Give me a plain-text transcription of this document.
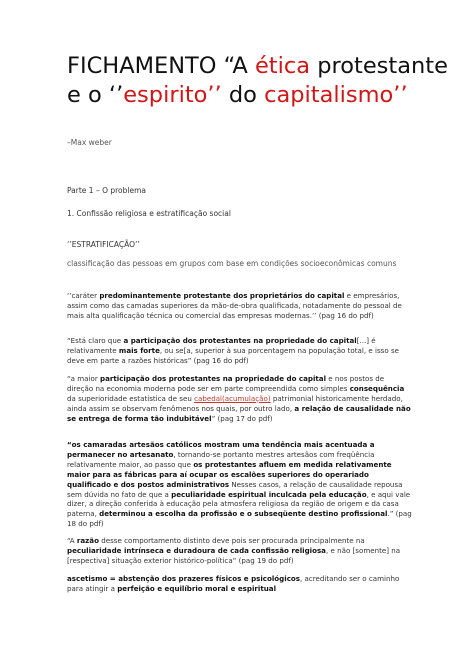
FICHAMENTO “A ética protestante e o ‘’espirito’’ do capitalismo’’
–Max weber
Parte 1 – O problema
1. Confissão religiosa e estratificação social
‘’ESTRATIFICAÇÃO’’
classificação das pessoas em grupos com base em condições socioeconômicas comuns
‘’caráter predominantemente protestante dos proprietários do capital e empresários, assim como das camadas superiores da mão-de-obra qualificada, notadamente do pessoal de mais alta qualificação técnica ou comercial das empresas modernas.’’ (pag 16 do pdf)
“Está claro que a participação dos protestantes na propriedade do capital[...] é relativamente mais forte, ou se[a, superior à sua porcentagem na população total, e isso se deve em parte a razões históricas” (pag 16 do pdf)
“a maior participação dos protestantes na propriedade do capital e nos postos de direção na economia moderna pode ser em parte compreendida como simples consequência da superioridade estatística de seu cabedal(acumulação) patrimonial historicamente herdado, ainda assim se observam fenômenos nos quais, por outro lado, a relação de causalidade não se entrega de forma tão indubitável” (pag 17 do pdf)
“os camaradas artesãos católicos mostram uma tendência mais acentuada a permanecer no artesanato, tornando-se portanto mestres artesãos com freqüência relativamente maior, ao passo que os protestantes afluem em medida relativamente maior para as fábricas para aí ocupar os escalões superiores do operariado qualificado e dos postos administrativos Nesses casos, a relação de causalidade repousa sem dúvida no fato de que a peculiaridade espiritual inculcada pela educação, e aqui vale dizer, a direção conferida à educação pela atmosfera religiosa da região de origem e da casa paterna, determinou a escolha da profissão e o subseqüente destino profissional.” (pag 18 do pdf)
“A razão desse comportamento distinto deve pois ser procurada principalmente na peculiaridade intrínseca e duradoura de cada confissão religiosa, e não [somente] na [respectiva] situação exterior histórico-política” (pag 19 do pdf)
ascetismo = abstenção dos prazeres físicos e psicológicos, acreditando ser o caminho para atingir a perfeição e equilíbrio moral e espiritual
